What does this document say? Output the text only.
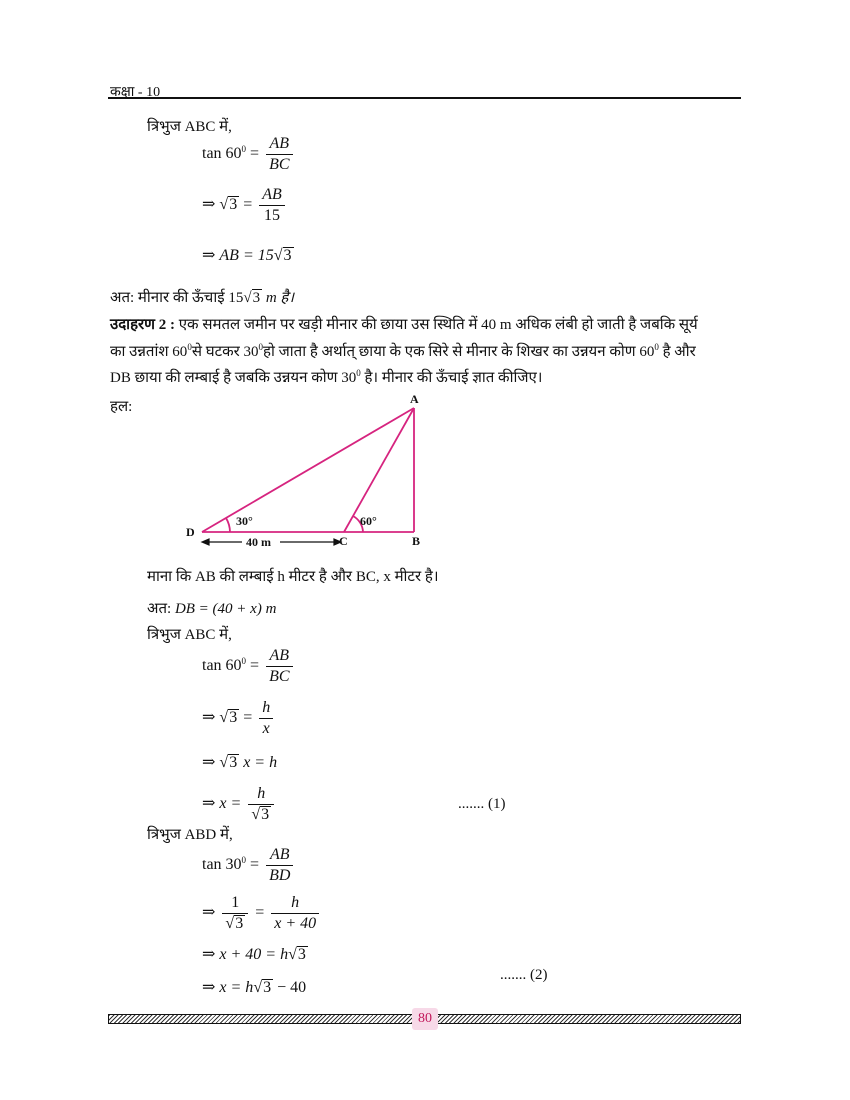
कक्षा - 10
त्रिभुज ABC में,
$\tan 60^0 = \frac{AB}{BC}$
⇒ $√3 = \frac{AB}{15}$
⇒ AB = 15√3
अत: मीनार की ऊँचाई 15√3 m है।
उदाहरण 2 : एक समतल जमीन पर खड़ी मीनार की छाया उस स्थिति में 40 m अधिक लंबी हो जाती है जबकि सूर्य
का उन्नतांश $60^0से$ घटकर $30^0हो$ जाता है अर्थात् छाया के एक सिरे से मीनार के शिखर का उन्नयन कोण $60^0$ है और
DB छाया की लम्बाई है जबकि उन्नयन कोण $30^0$ है। मीनार की ऊँचाई ज्ञात कीजिए।
हल:	A
B
C
D
30°	60°
40 m
माना कि AB की लम्बाई h मीटर है और BC, x मीटर है।
अत: DB = (40 + x) m
त्रिभुज ABC में,
$\tan 60^0 = \frac{AB}{BC}$
⇒ $√3 = \frac{h}{x}$
⇒ √3 x = h
⇒ $x = \frac{h}{√3}$	....... (1)
त्रिभुज ABD में,
$\tan 30^0 = \frac{AB}{BD}$
⇒ $\frac{1}{√3} = \frac{h}{x + 40}$
⇒ x + 40 = h√3
⇒ x = h√3 − 40
....... (2)
80
